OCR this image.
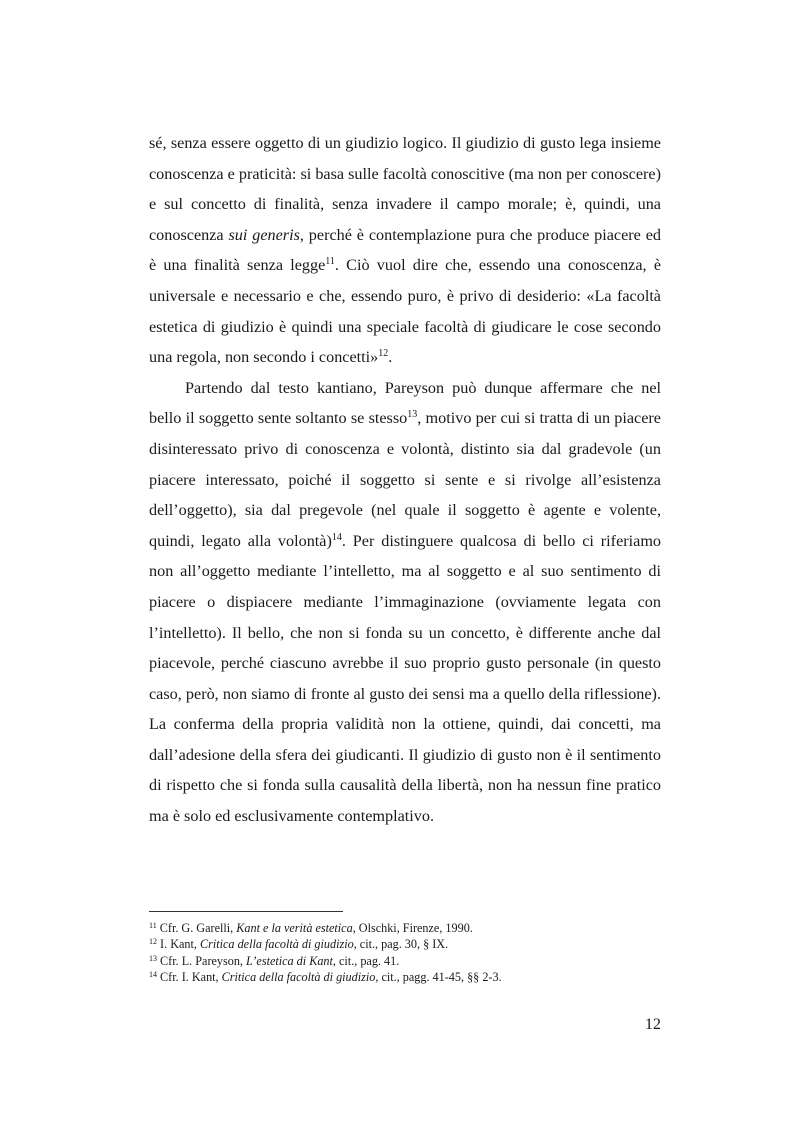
sé, senza essere oggetto di un giudizio logico. Il giudizio di gusto lega insieme conoscenza e praticità: si basa sulle facoltà conoscitive (ma non per conoscere) e sul concetto di finalità, senza invadere il campo morale; è, quindi, una conoscenza sui generis, perché è contemplazione pura che produce piacere ed è una finalità senza legge$^{11}$. Ciò vuol dire che, essendo una conoscenza, è universale e necessario e che, essendo puro, è privo di desiderio: «La facoltà estetica di giudizio è quindi una speciale facoltà di giudicare le cose secondo una regola, non secondo i concetti»$^{12}$.

Partendo dal testo kantiano, Pareyson può dunque affermare che nel bello il soggetto sente soltanto se stesso$^{13}$, motivo per cui si tratta di un piacere disinteressato privo di conoscenza e volontà, distinto sia dal gradevole (un piacere interessato, poiché il soggetto si sente e si rivolge all’esistenza dell’oggetto), sia dal pregevole (nel quale il soggetto è agente e volente, quindi, legato alla volontà)$^{14}$. Per distinguere qualcosa di bello ci riferiamo non all’oggetto mediante l’intelletto, ma al soggetto e al suo sentimento di piacere o dispiacere mediante l’immaginazione (ovviamente legata con l’intelletto). Il bello, che non si fonda su un concetto, è differente anche dal piacevole, perché ciascuno avrebbe il suo proprio gusto personale (in questo caso, però, non siamo di fronte al gusto dei sensi ma a quello della riflessione). La conferma della propria validità non la ottiene, quindi, dai concetti, ma dall’adesione della sfera dei giudicanti. Il giudizio di gusto non è il sentimento di rispetto che si fonda sulla causalità della libertà, non ha nessun fine pratico ma è solo ed esclusivamente contemplativo.

$^{11}$ Cfr. G. Garelli, Kant e la verità estetica, Olschki, Firenze, 1990.

$^{12}$ I. Kant, Critica della facoltà di giudizio, cit., pag. 30, § IX.

$^{13}$ Cfr. L. Pareyson, L’estetica di Kant, cit., pag. 41.

$^{14}$ Cfr. I. Kant, Critica della facoltà di giudizio, cit., pagg. 41-45, §§ 2-3.

12
